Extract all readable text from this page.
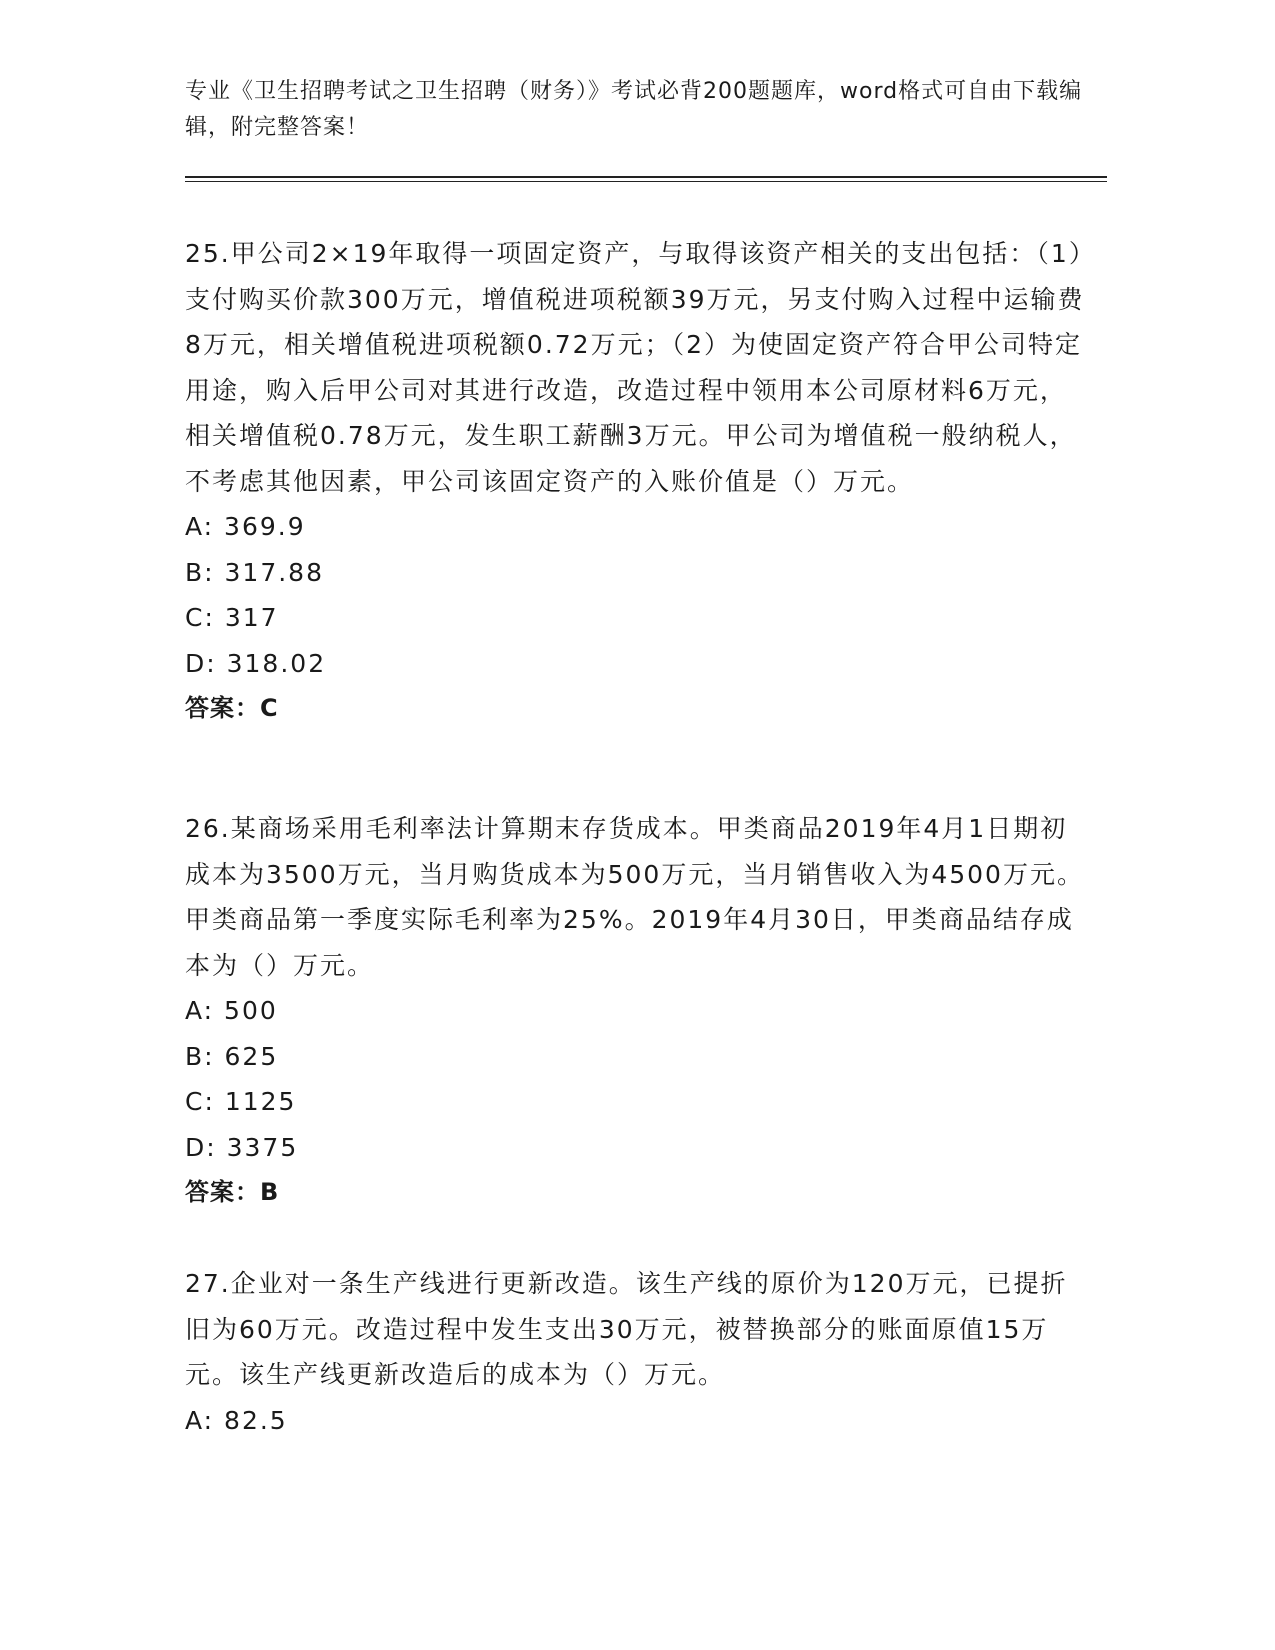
专业《卫生招聘考试之卫生招聘（财务）》考试必背200题题库，word格式可自由下载编辑，附完整答案！

25.甲公司2×19年取得一项固定资产，与取得该资产相关的支出包括：（1）支付购买价款300万元，增值税进项税额39万元，另支付购入过程中运输费8万元，相关增值税进项税额0.72万元；（2）为使固定资产符合甲公司特定用途，购入后甲公司对其进行改造，改造过程中领用本公司原材料6万元，相关增值税0.78万元，发生职工薪酬3万元。甲公司为增值税一般纳税人，不考虑其他因素，甲公司该固定资产的入账价值是（）万元。

A: 369.9

B: 317.88

C: 317

D: 318.02

答案：C

26.某商场采用毛利率法计算期末存货成本。甲类商品2019年4月1日期初成本为3500万元，当月购货成本为500万元，当月销售收入为4500万元。甲类商品第一季度实际毛利率为25%。2019年4月30日，甲类商品结存成本为（）万元。

A: 500

B: 625

C: 1125

D: 3375

答案：B

27.企业对一条生产线进行更新改造。该生产线的原价为120万元，已提折旧为60万元。改造过程中发生支出30万元，被替换部分的账面原值15万元。该生产线更新改造后的成本为（）万元。

A: 82.5
